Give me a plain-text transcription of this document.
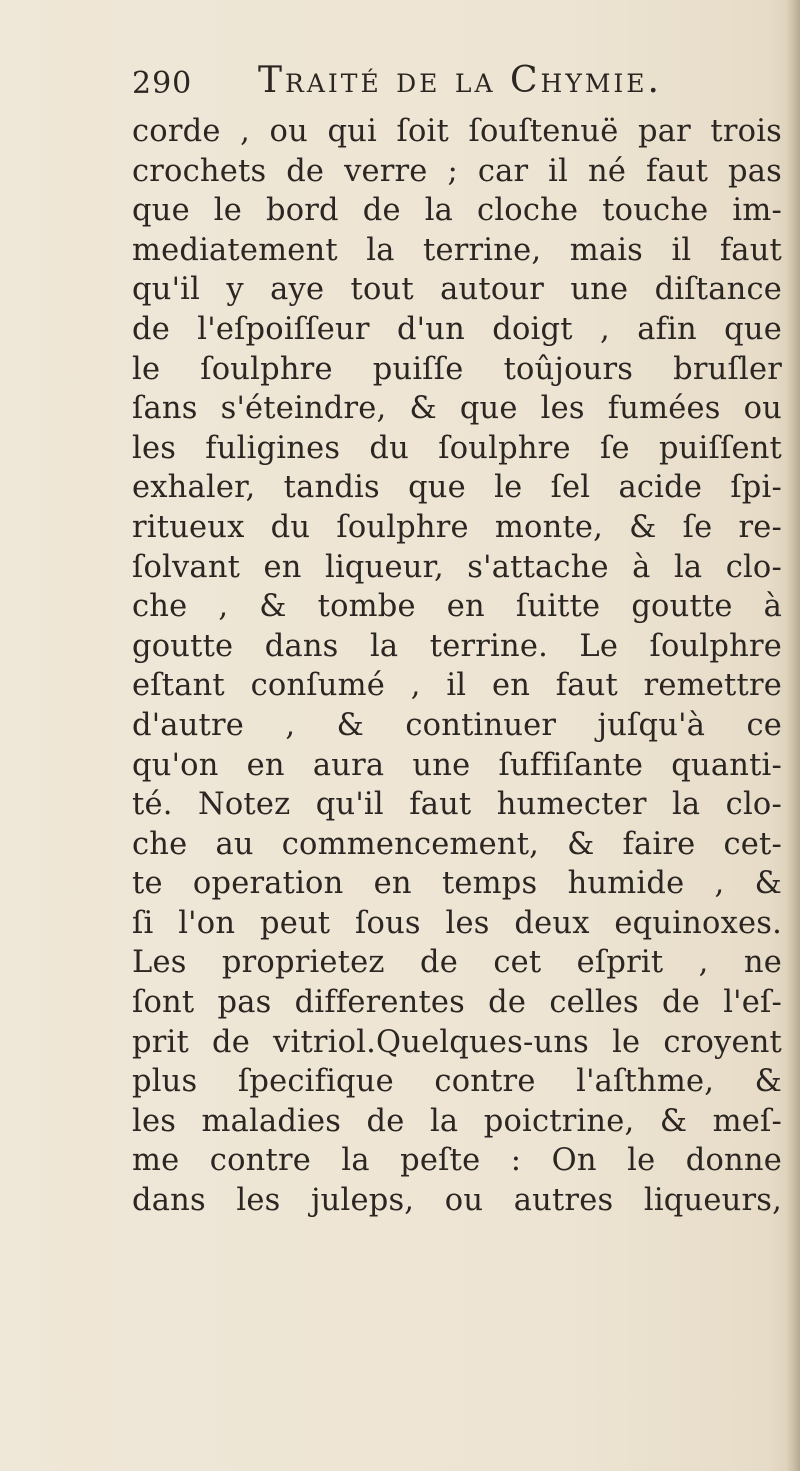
290 Traité de la Chymie.
corde , ou qui ſoit ſouſtenuë par trois
crochets de verre ; car il né faut pas
que le bord de la cloche touche im-
mediatement la terrine, mais il faut
qu'il y aye tout autour une diſtance
de l'eſpoiſſeur d'un doigt , afin que
le ſoulphre puiſſe toûjours bruſler
ſans s'éteindre, & que les fumées ou
les fuligines du ſoulphre ſe puiſſent
exhaler, tandis que le ſel acide ſpi-
ritueux du ſoulphre monte, & ſe re-
ſolvant en liqueur, s'attache à la clo-
che , & tombe en ſuitte goutte à
goutte dans la terrine. Le ſoulphre
eſtant conſumé , il en faut remettre
d'autre , & continuer juſqu'à ce
qu'on en aura une ſuffiſante quanti-
té. Notez qu'il faut humecter la clo-
che au commencement, & faire cet-
te operation en temps humide , &
ſi l'on peut ſous les deux equinoxes.
Les proprietez de cet eſprit , ne
ſont pas differentes de celles de l'eſ-
prit de vitriol.Quelques-uns le croyent
plus ſpecifique contre l'aſthme, &
les maladies de la poictrine, & meſ-
me contre la peſte : On le donne
dans les juleps, ou autres liqueurs,
